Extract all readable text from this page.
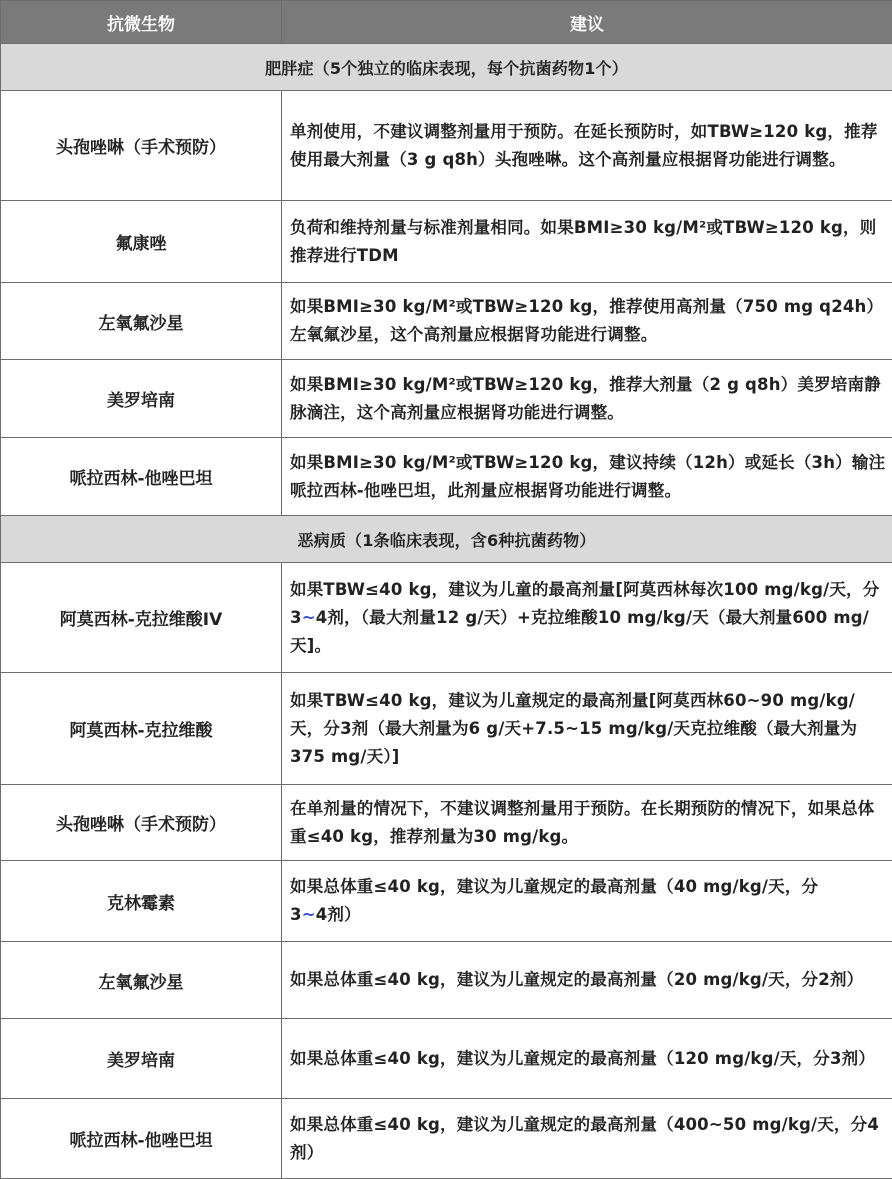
抗微生物	建议
肥胖症（5个独立的临床表现，每个抗菌药物1个）	
头孢唑啉（手术预防）	单剂使用，不建议调整剂量用于预防。在延长预防时，如TBW≥120 kg，推荐使用最大剂量（3 g q8h）头孢唑啉。这个高剂量应根据肾功能进行调整。
氟康唑	负荷和维持剂量与标准剂量相同。如果BMI≥30 kg/M²或TBW≥120 kg，则推荐进行TDM
左氧氟沙星	如果BMI≥30 kg/M²或TBW≥120 kg，推荐使用高剂量（750 mg q24h）左氧氟沙星，这个高剂量应根据肾功能进行调整。
美罗培南	如果BMI≥30 kg/M²或TBW≥120 kg，推荐大剂量（2 g q8h）美罗培南静脉滴注，这个高剂量应根据肾功能进行调整。
哌拉西林-他唑巴坦	如果BMI≥30 kg/M²或TBW≥120 kg，建议持续（12h）或延长（3h）输注哌拉西林-他唑巴坦，此剂量应根据肾功能进行调整。
恶病质（1条临床表现，含6种抗菌药物）	
阿莫西林-克拉维酸IV	如果TBW≤40 kg，建议为儿童的最高剂量[阿莫西林每次100 mg/kg/天，分3~4剂，（最大剂量12 g/天）+克拉维酸10 mg/kg/天（最大剂量600 mg/天]。
阿莫西林-克拉维酸	如果TBW≤40 kg，建议为儿童规定的最高剂量[阿莫西林60~90 mg/kg/天，分3剂（最大剂量为6 g/天+7.5~15 mg/kg/天克拉维酸（最大剂量为375 mg/天）]
头孢唑啉（手术预防）	在单剂量的情况下，不建议调整剂量用于预防。在长期预防的情况下，如果总体重≤40 kg，推荐剂量为30 mg/kg。
克林霉素	如果总体重≤40 kg，建议为儿童规定的最高剂量（40 mg/kg/天，分3~4剂）
左氧氟沙星	如果总体重≤40 kg，建议为儿童规定的最高剂量（20 mg/kg/天，分2剂）
美罗培南	如果总体重≤40 kg，建议为儿童规定的最高剂量（120 mg/kg/天，分3剂）
哌拉西林-他唑巴坦	如果总体重≤40 kg，建议为儿童规定的最高剂量（400~50 mg/kg/天，分4剂）
